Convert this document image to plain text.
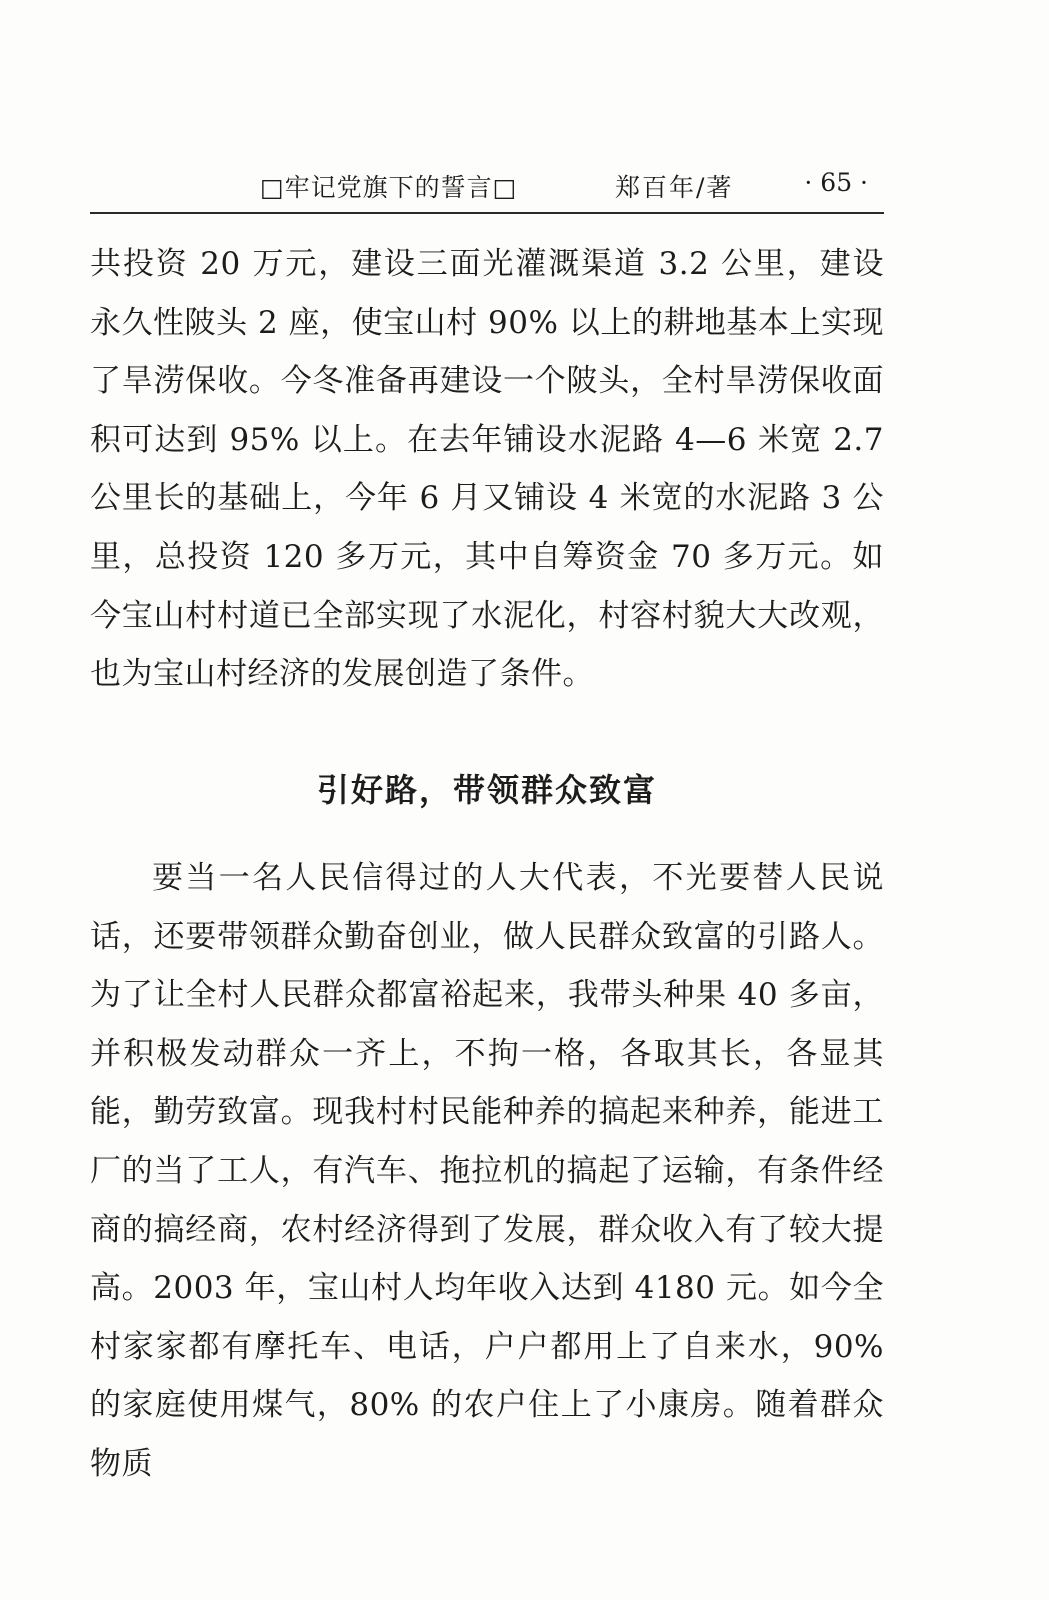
□牢记党旗下的誓言□	郑百年/著	· 65 ·

共投资 20 万元，建设三面光灌溉渠道 3.2 公里，建设永久性陂头 2 座，使宝山村 90% 以上的耕地基本上实现了旱涝保收。今冬准备再建设一个陂头，全村旱涝保收面积可达到 95% 以上。在去年铺设水泥路 4—6 米宽 2.7 公里长的基础上，今年 6 月又铺设 4 米宽的水泥路 3 公里，总投资 120 多万元，其中自筹资金 70 多万元。如今宝山村村道已全部实现了水泥化，村容村貌大大改观，也为宝山村经济的发展创造了条件。

引好路，带领群众致富

要当一名人民信得过的人大代表，不光要替人民说话，还要带领群众勤奋创业，做人民群众致富的引路人。为了让全村人民群众都富裕起来，我带头种果 40 多亩，并积极发动群众一齐上，不拘一格，各取其长，各显其能，勤劳致富。现我村村民能种养的搞起来种养，能进工厂的当了工人，有汽车、拖拉机的搞起了运输，有条件经商的搞经商，农村经济得到了发展，群众收入有了较大提高。2003 年，宝山村人均年收入达到 4180 元。如今全村家家都有摩托车、电话，户户都用上了自来水，90% 的家庭使用煤气，80% 的农户住上了小康房。随着群众物质
